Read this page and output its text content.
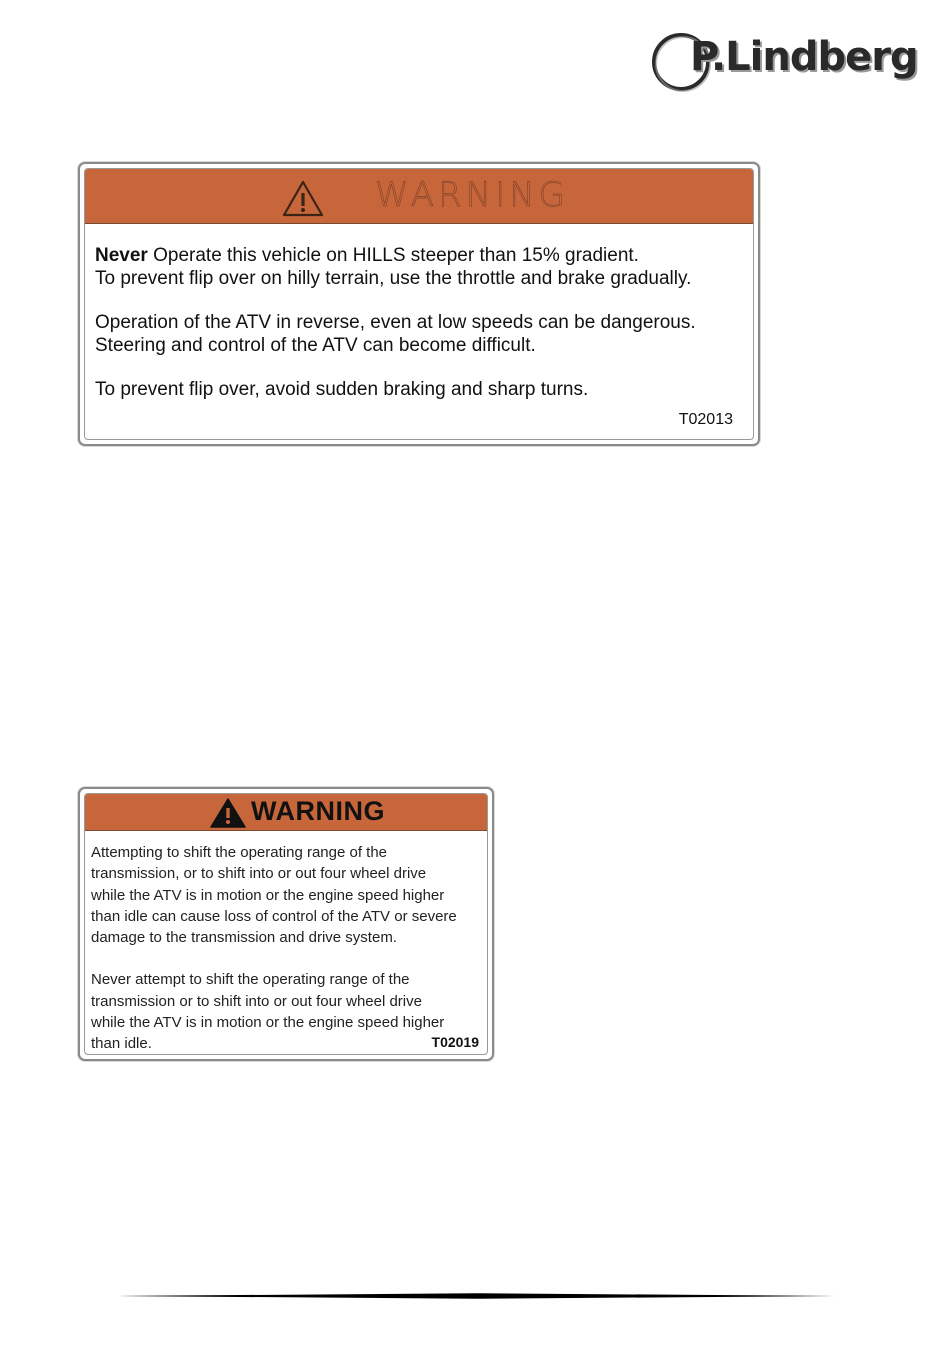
P.Lindberg
WARNING

Never Operate this vehicle on HILLS steeper than 15% gradient.
To prevent flip over on hilly terrain, use the throttle and brake gradually.

Operation of the ATV in reverse, even at low speeds can be dangerous.
Steering and control of the ATV can become difficult.

To prevent flip over, avoid sudden braking and sharp turns.

T02013
WARNING

Attempting to shift the operating range of the
transmission, or to shift into or out four wheel drive
while the ATV is in motion or the engine speed higher
than idle can cause loss of control of the ATV or severe
damage to the transmission and drive system.

Never attempt to shift the operating range of the
transmission or to shift into or out four wheel drive
while the ATV is in motion or the engine speed higher
than idle.	T02019
